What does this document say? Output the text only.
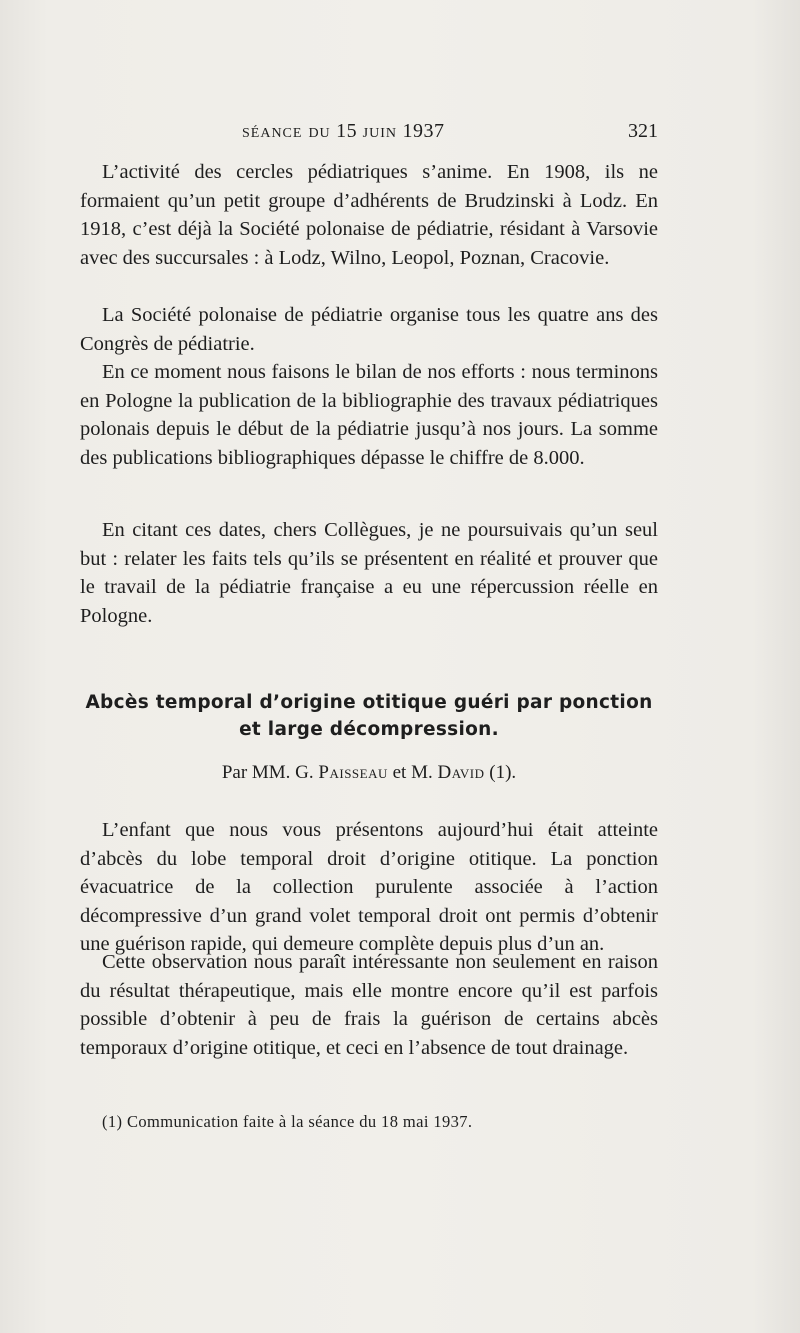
séance du 15 juin 1937	321

L’activité des cercles pédiatriques s’anime. En 1908, ils ne formaient qu’un petit groupe d’adhérents de Brudzinski à Lodz. En 1918, c’est déjà la Société polonaise de pédiatrie, résidant à Varsovie avec des succursales : à Lodz, Wilno, Leopol, Poznan, Cracovie.

La Société polonaise de pédiatrie organise tous les quatre ans des Congrès de pédiatrie.

En ce moment nous faisons le bilan de nos efforts : nous terminons en Pologne la publication de la bibliographie des travaux pédiatriques polonais depuis le début de la pédiatrie jusqu’à nos jours. La somme des publications bibliographiques dépasse le chiffre de 8.000.

En citant ces dates, chers Collègues, je ne poursuivais qu’un seul but : relater les faits tels qu’ils se présentent en réalité et prouver que le travail de la pédiatrie française a eu une répercussion réelle en Pologne.

Abcès temporal d’origine otitique guéri par ponction
et large décompression.
Par MM. G. Paisseau et M. David (1).

L’enfant que nous vous présentons aujourd’hui était atteinte d’abcès du lobe temporal droit d’origine otitique. La ponction évacuatrice de la collection purulente associée à l’action décompressive d’un grand volet temporal droit ont permis d’obtenir une guérison rapide, qui demeure complète depuis plus d’un an.

Cette observation nous paraît intéressante non seulement en raison du résultat thérapeutique, mais elle montre encore qu’il est parfois possible d’obtenir à peu de frais la guérison de certains abcès temporaux d’origine otitique, et ceci en l’absence de tout drainage.

(1) Communication faite à la séance du 18 mai 1937.
